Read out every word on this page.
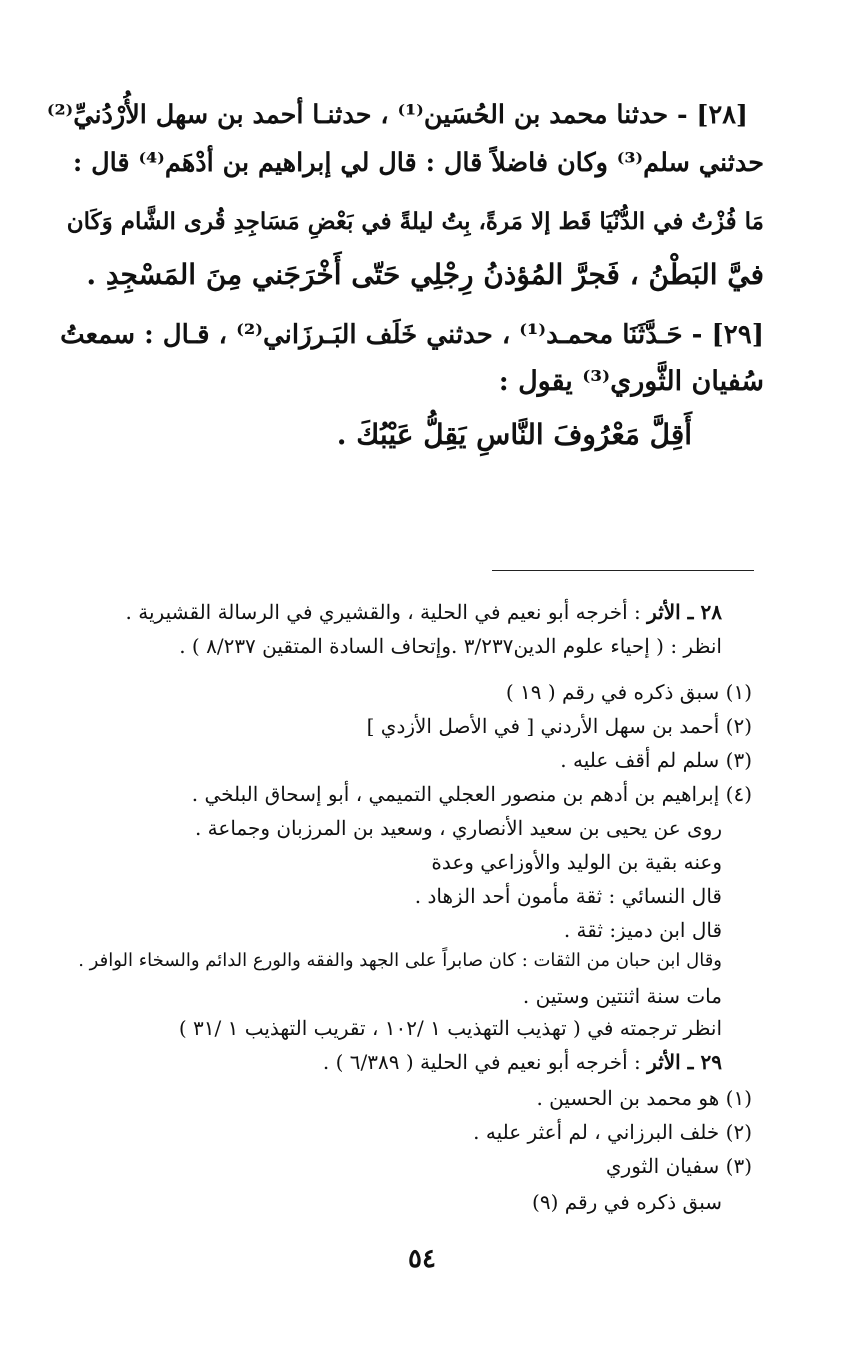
[٢٨] - حدثنا محمد بن الحُسَين⁽¹⁾ ، حدثنـا أحمد بن سهل الأُرْدُنيِّ⁽²⁾
حدثني سلم⁽³⁾ وكان فاضلاً قال : قال لي إبراهيم بن أدْهَم⁽⁴⁾ قال :
مَا فُزْتُ في الدُّنْيَا قَط إلا مَرةً، بِتُ ليلةً في بَعْضِ مَسَاجِدِ قُرى الشَّام وَكَان
فيَّ البَطْنُ ، فَجرَّ المُؤذنُ رِجْلِي حَتّى أَخْرَجَني مِنَ المَسْجِدِ .
[٢٩] - حَـدَّثَنَا محمـد⁽¹⁾ ، حدثني خَلَف البَـرزَاني⁽²⁾ ، قـال : سمعتُ
سُفيان الثَّوري⁽³⁾ يقول :
أَقِلَّ مَعْرُوفَ النَّاسِ يَقِلُّ عَيْبُكَ .
٢٨ ـ الأثر : أخرجه أبو نعيم في الحلية ، والقشيري في الرسالة القشيرية .
انظر : ( إحياء علوم الدين٣/٢٣٧ .وإتحاف السادة المتقين ٨/٢٣٧ ) .
(١) سبق ذكره في رقم ( ١٩ )
(٢) أحمد بن سهل الأردني [ في الأصل الأزدي ]
(٣) سلم لم أقف عليه .
(٤) إبراهيم بن أدهم بن منصور العجلي التميمي ، أبو إسحاق البلخي .
روى عن يحيى بن سعيد الأنصاري ، وسعيد بن المرزبان وجماعة .
وعنه بقية بن الوليد والأوزاعي وعدة
قال النسائي : ثقة مأمون أحد الزهاد .
قال ابن دميز: ثقة .
وقال ابن حبان من الثقات : كان صابراً على الجهد والفقه والورع الدائم والسخاء الوافر .
مات سنة اثنتين وستين .
انظر ترجمته في ( تهذيب التهذيب ١ /١٠٢ ، تقريب التهذيب ١ /٣١ )
٢٩ ـ الأثر : أخرجه أبو نعيم في الحلية ( ٦/٣٨٩ ) .
(١) هو محمد بن الحسين .
(٢) خلف البرزاني ، لم أعثر عليه .
(٣) سفيان الثوري
سبق ذكره في رقم (٩)
٥٤
